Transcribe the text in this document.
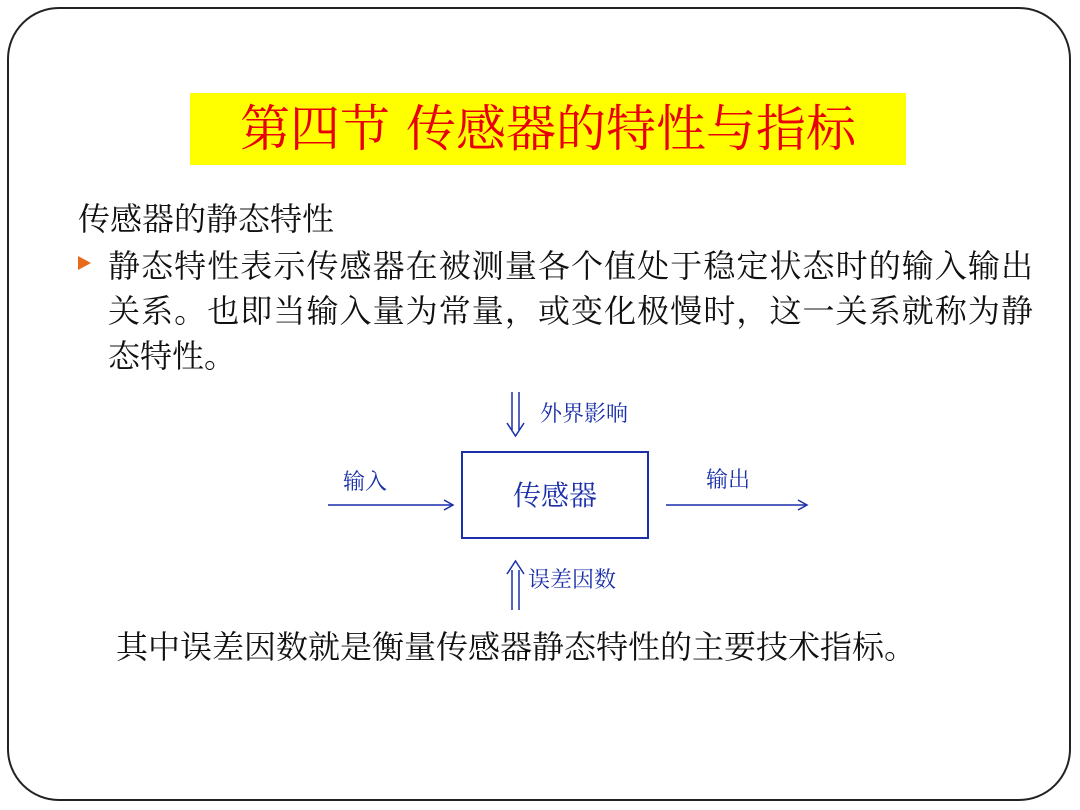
第四节 传感器的特性与指标
传感器的静态特性
静态特性表示传感器在被测量各个值处于稳定状态时的输入输出关系。也即当输入量为常量，或变化极慢时，这一关系就称为静态特性。
外界影响
输入	传感器	输出
误差因数
其中误差因数就是衡量传感器静态特性的主要技术指标。
